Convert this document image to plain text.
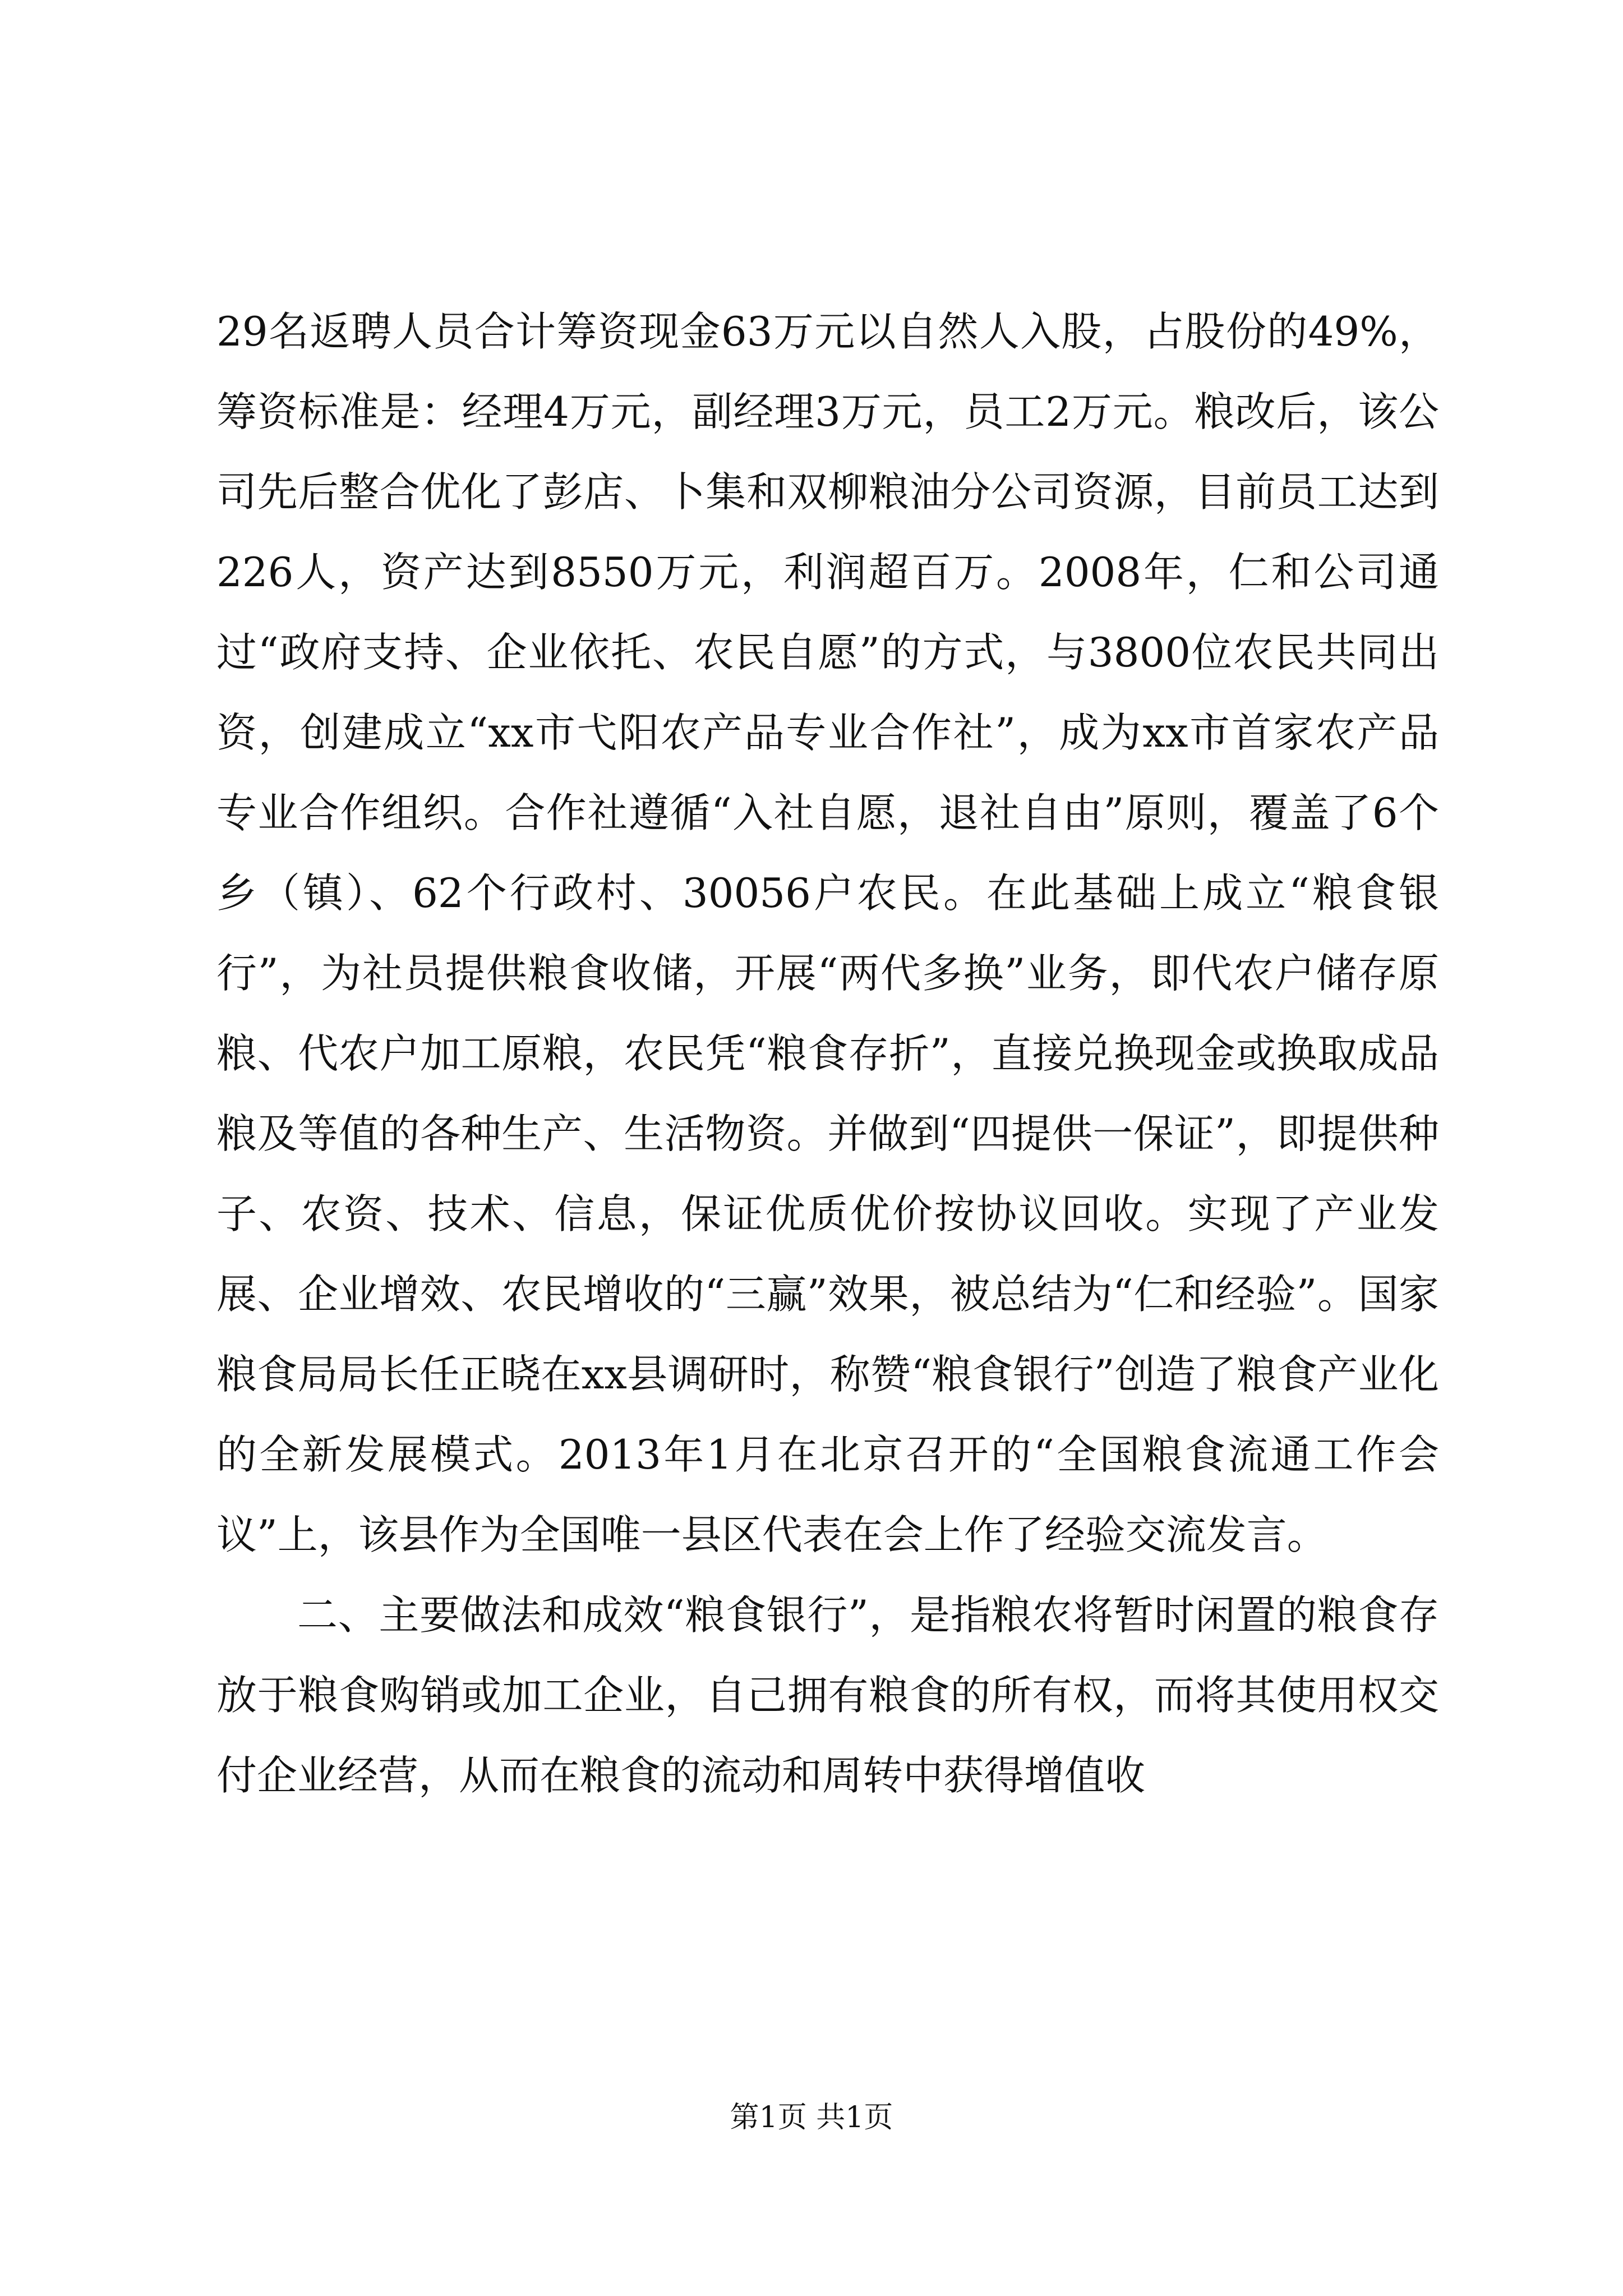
29名返聘人员合计筹资现金63万元以自然人入股，占股份的49%，筹资标准是：经理4万元，副经理3万元，员工2万元。粮改后，该公司先后整合优化了彭店、卜集和双柳粮油分公司资源，目前员工达到226人，资产达到8550万元，利润超百万。2008年，仁和公司通过“政府支持、企业依托、农民自愿”的方式，与3800位农民共同出资，创建成立“xx市弋阳农产品专业合作社”，成为xx市首家农产品专业合作组织。合作社遵循“入社自愿，退社自由”原则，覆盖了6个乡（镇）、62个行政村、30056户农民。在此基础上成立“粮食银行”，为社员提供粮食收储，开展“两代多换”业务，即代农户储存原粮、代农户加工原粮，农民凭“粮食存折”，直接兑换现金或换取成品粮及等值的各种生产、生活物资。并做到“四提供一保证”，即提供种子、农资、技术、信息，保证优质优价按协议回收。实现了产业发展、企业增效、农民增收的“三赢”效果，被总结为“仁和经验”。国家粮食局局长任正晓在xx县调研时，称赞“粮食银行”创造了粮食产业化的全新发展模式。2013年1月在北京召开的“全国粮食流通工作会议”上，该县作为全国唯一县区代表在会上作了经验交流发言。

二、主要做法和成效“粮食银行”，是指粮农将暂时闲置的粮食存放于粮食购销或加工企业，自己拥有粮食的所有权，而将其使用权交付企业经营，从而在粮食的流动和周转中获得增值收

第1页 共1页
